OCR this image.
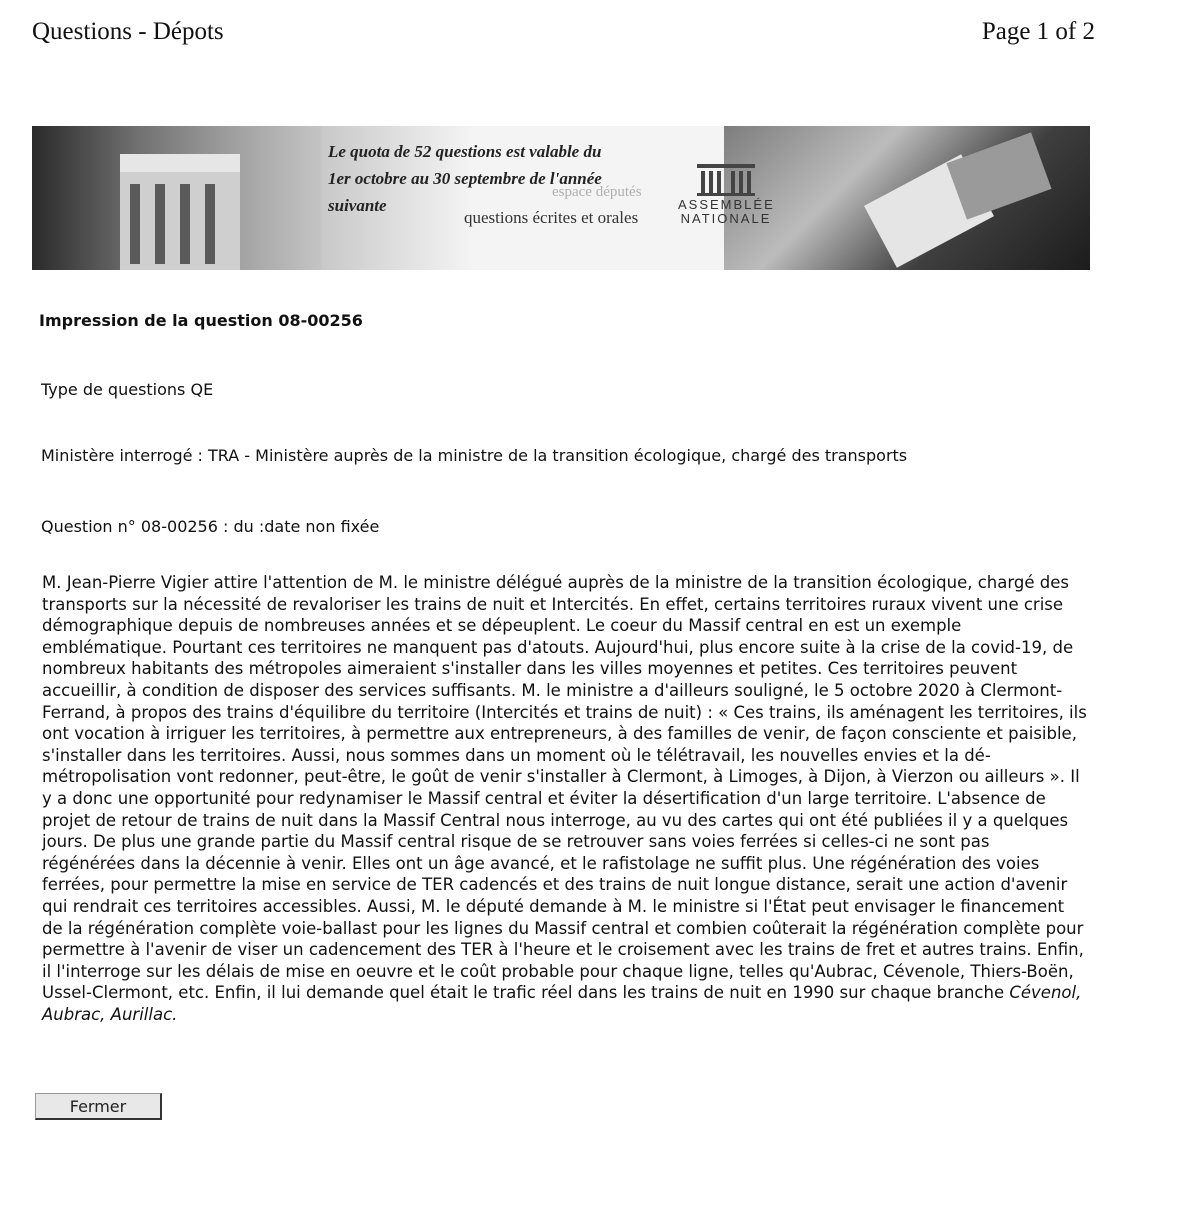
Questions - Dépots	Page 1 of 2
Le quota de 52 questions est valable du
1er octobre au 30 septembre de l'année
suivante
espace députés
questions écrites et orales
ASSEMBLÉE
NATIONALE
Impression de la question 08-00256
Type de questions QE
Ministère interrogé : TRA - Ministère auprès de la ministre de la transition écologique, chargé des transports
Question n° 08-00256 : du :date non fixée
M. Jean-Pierre Vigier attire l'attention de M. le ministre délégué auprès de la ministre de la transition écologique, chargé des transports sur la nécessité de revaloriser les trains de nuit et Intercités. En effet, certains territoires ruraux vivent une crise démographique depuis de nombreuses années et se dépeuplent. Le coeur du Massif central en est un exemple emblématique. Pourtant ces territoires ne manquent pas d'atouts. Aujourd'hui, plus encore suite à la crise de la covid-19, de nombreux habitants des métropoles aimeraient s'installer dans les villes moyennes et petites. Ces territoires peuvent accueillir, à condition de disposer des services suffisants. M. le ministre a d'ailleurs souligné, le 5 octobre 2020 à Clermont-Ferrand, à propos des trains d'équilibre du territoire (Intercités et trains de nuit) : « Ces trains, ils aménagent les territoires, ils ont vocation à irriguer les territoires, à permettre aux entrepreneurs, à des familles de venir, de façon consciente et paisible, s'installer dans les territoires. Aussi, nous sommes dans un moment où le télétravail, les nouvelles envies et la dé-métropolisation vont redonner, peut-être, le goût de venir s'installer à Clermont, à Limoges, à Dijon, à Vierzon ou ailleurs ». Il y a donc une opportunité pour redynamiser le Massif central et éviter la désertification d'un large territoire. L'absence de projet de retour de trains de nuit dans la Massif Central nous interroge, au vu des cartes qui ont été publiées il y a quelques jours. De plus une grande partie du Massif central risque de se retrouver sans voies ferrées si celles-ci ne sont pas régénérées dans la décennie à venir. Elles ont un âge avancé, et le rafistolage ne suffit plus. Une régénération des voies ferrées, pour permettre la mise en service de TER cadencés et des trains de nuit longue distance, serait une action d'avenir qui rendrait ces territoires accessibles. Aussi, M. le député demande à M. le ministre si l'État peut envisager le financement de la régénération complète voie-ballast pour les lignes du Massif central et combien coûterait la régénération complète pour permettre à l'avenir de viser un cadencement des TER à l'heure et le croisement avec les trains de fret et autres trains. Enfin, il l'interroge sur les délais de mise en oeuvre et le coût probable pour chaque ligne, telles qu'Aubrac, Cévenole, Thiers-Boën, Ussel-Clermont, etc. Enfin, il lui demande quel était le trafic réel dans les trains de nuit en 1990 sur chaque branche Cévenol, Aubrac, Aurillac.
Fermer
